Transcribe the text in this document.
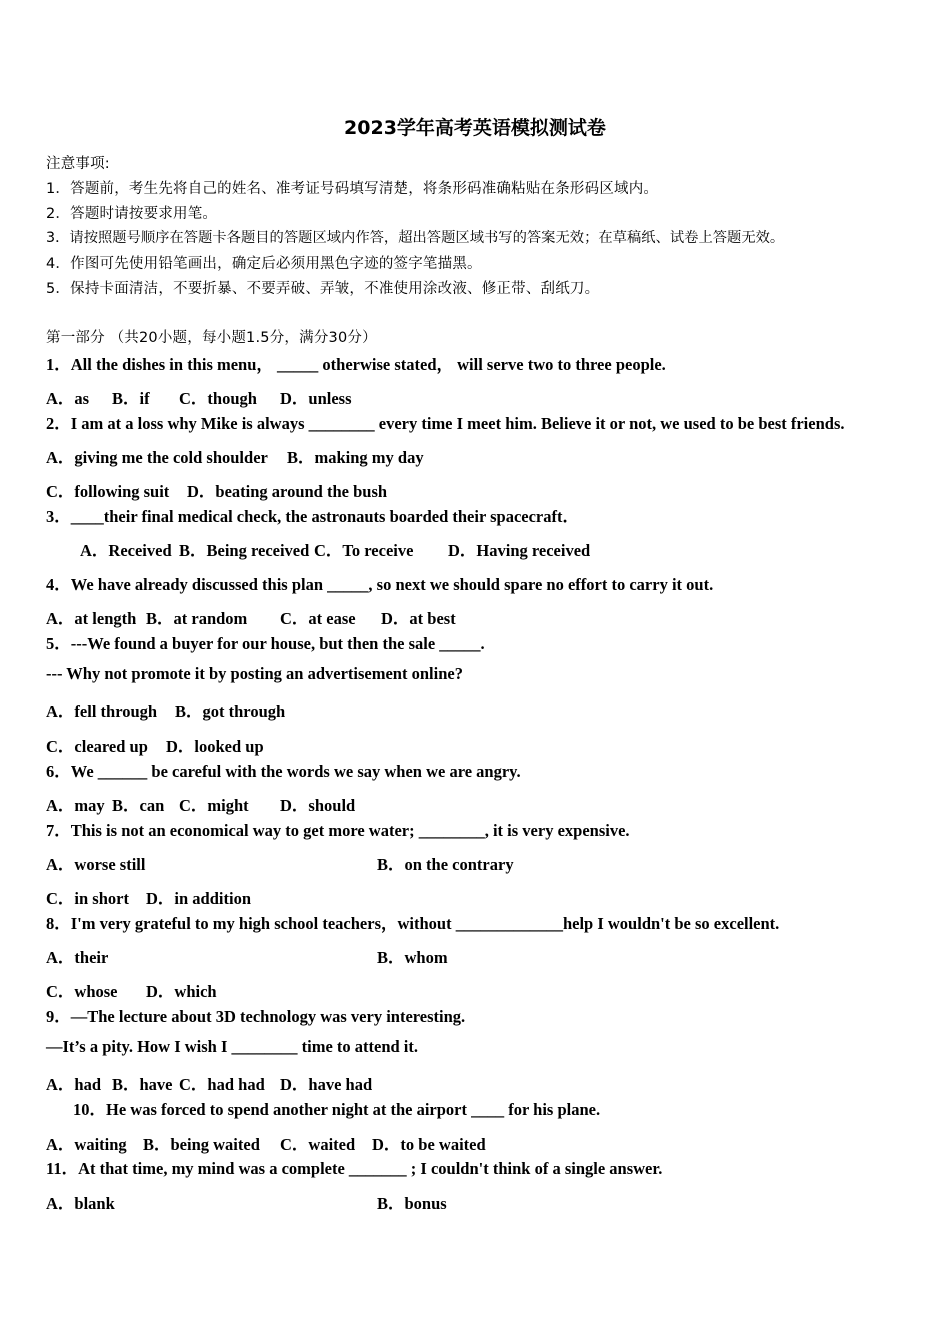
2023学年高考英语模拟测试卷
注意事项:
1．答题前，考生先将自己的姓名、准考证号码填写清楚，将条形码准确粘贴在条形码区域内。
2．答题时请按要求用笔。
3．请按照题号顺序在答题卡各题目的答题区域内作答，超出答题区域书写的答案无效；在草稿纸、试卷上答题无效。
4．作图可先使用铅笔画出，确定后必须用黑色字迹的签字笔描黑。
5．保持卡面清洁，不要折暴、不要弄破、弄皱，不准使用涂改液、修正带、刮纸刀。
第一部分 （共20小题，每小题1.5分，满分30分）
1．All the dishes in this menu， _____ otherwise stated， will serve two to three people.
A．as B．if C．though D．unless
2．I am at a loss why Mike is always ________ every time I meet him. Believe it or not, we used to be best friends.
A．giving me the cold shoulder B．making my day
C．following suit D．beating around the bush
3．____their final medical check, the astronauts boarded their spacecraft．
A．Received B．Being received C．To receive D．Having received
4．We have already discussed this plan _____, so next we should spare no effort to carry it out.
A．at length B．at random C．at ease D．at best
5．---We found a buyer for our house, but then the sale _____.
--- Why not promote it by posting an advertisement online?
A．fell through B．got through
C．cleared up D．looked up
6．We ______ be careful with the words we say when we are angry.
A．may B．can C．might D．should
7．This is not an economical way to get more water; ________, it is very expensive.
A．worse still	B．on the contrary
C．in short D．in addition
8．I'm very grateful to my high school teachers，without _____________help I wouldn't be so excellent.
A．their	B．whom
C．whose D．which
9．—The lecture about 3D technology was very interesting.
—It’s a pity. How I wish I ________ time to attend it.
A．had B．have C．had had D．have had
10．He was forced to spend another night at the airport ____ for his plane.
A．waiting B．being waited C．waited D．to be waited
11．At that time, my mind was a complete _______ ; I couldn't think of a single answer.
A．blank	B．bonus
